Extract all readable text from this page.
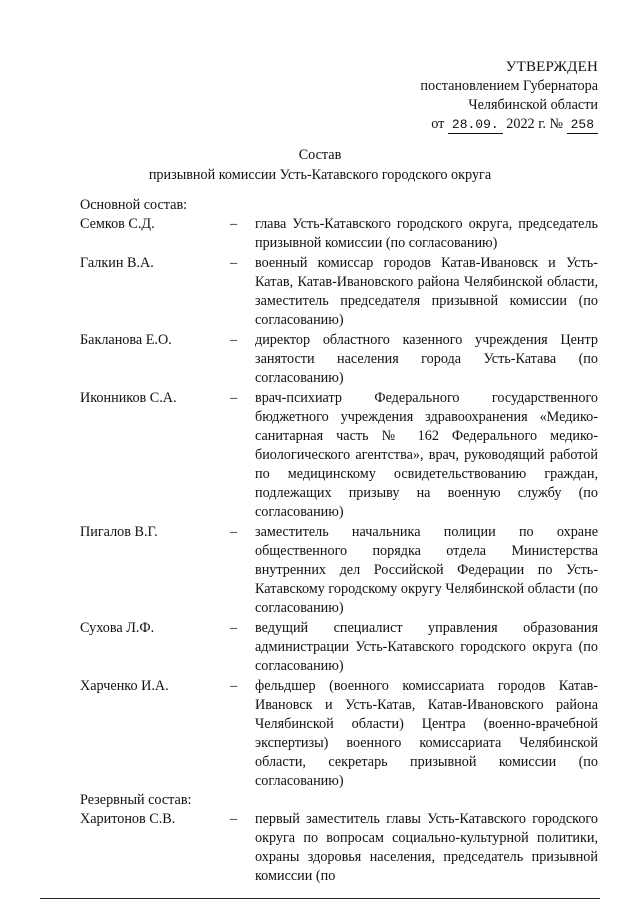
УТВЕРЖДЕН
постановлением Губернатора
Челябинской области
от 28.09. 2022 г. № 258
Состав
призывной комиссии Усть-Катавского городского округа
Основной состав:
Семков С.Д.	–	глава Усть-Катавского городского округа, председатель призывной комиссии (по согласованию)
Галкин В.А.	–	военный комиссар городов Катав-Ивановск и Усть-Катав, Катав-Ивановского района Челябинской области, заместитель председателя призывной комиссии (по согласованию)
Бакланова Е.О.	–	директор областного казенного учреждения Центр занятости населения города Усть-Катава (по согласованию)
Иконников С.А.	–	врач-психиатр Федерального государственного бюджетного учреждения здравоохранения «Медико-санитарная часть № 162 Федерального медико-биологического агентства», врач, руководящий работой по медицинскому освидетельствованию граждан, подлежащих призыву на военную службу (по согласованию)
Пигалов В.Г.	–	заместитель начальника полиции по охране общественного порядка отдела Министерства внутренних дел Российской Федерации по Усть-Катавскому городскому округу Челябинской области (по согласованию)
Сухова Л.Ф.	–	ведущий специалист управления образования администрации Усть-Катавского городского округа (по согласованию)
Харченко И.А.	–	фельдшер (военного комиссариата городов Катав-Ивановск и Усть-Катав, Катав-Ивановского района Челябинской области) Центра (военно-врачебной экспертизы) военного комиссариата Челябинской области, секретарь призывной комиссии (по согласованию)
Резервный состав:
Харитонов С.В.	–	первый заместитель главы Усть-Катавского городского округа по вопросам социально-культурной политики, охраны здоровья населения, председатель призывной комиссии (по
